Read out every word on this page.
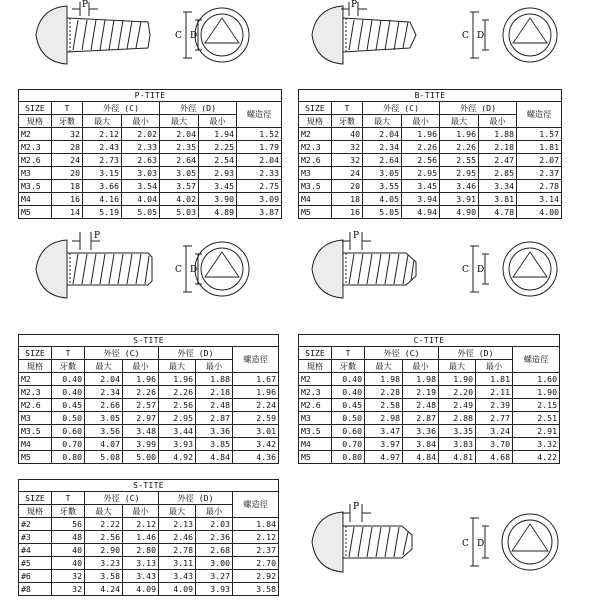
P
C D
P
C D
P-TITE						
SIZE	T	外徑 (C)		外徑 (D)		螺造徑
規格	牙數	最大	最小	最大	最小	
M2	32	2.12	2.02	2.04	1.94	1.52
M2.3	28	2.43	2.33	2.35	2.25	1.79
M2.6	24	2.73	2.63	2.64	2.54	2.04
M3	20	3.15	3.03	3.05	2.93	2.33
M3.5	18	3.66	3.54	3.57	3.45	2.75
M4	16	4.16	4.04	4.02	3.90	3.09
M5	14	5.19	5.05	5.03	4.89	3.87
B-TITE						
SIZE	T	外徑 (C)		外徑 (D)		螺造徑
規格	牙數	最大	最小	最大	最小	
M2	40	2.04	1.96	1.96	1.88	1.57
M2.3	32	2.34	2.26	2.26	2.18	1.81
M2.6	32	2.64	2.56	2.55	2.47	2.07
M3	24	3.05	2.95	2.95	2.85	2.37
M3.5	20	3.55	3.45	3.46	3.34	2.78
M4	18	4.05	3.94	3.91	3.81	3.14
M5	16	5.05	4.94	4.90	4.78	4.00
P
C D
P
C D
S-TITE						
SIZE	T	外徑 (C)		外徑 (D)		螺造徑
規格	牙數	最大	最小	最大	最小	
M2	0.40	2.04	1.96	1.96	1.88	1.67
M2.3	0.40	2.34	2.26	2.26	2.18	1.96
M2.6	0.45	2.66	2.57	2.56	2.48	2.24
M3	0.50	3.05	2.97	2.95	2.87	2.59
M3.5	0.60	3.56	3.48	3.44	3.36	3.01
M4	0.70	4.07	3.99	3.93	3.85	3.42
M5	0.80	5.08	5.00	4.92	4.84	4.36
C-TITE						
SIZE	T	外徑 (C)		外徑 (D)		螺造徑
規格	牙數	最大	最小	最大	最小	
M2	0.40	1.98	1.98	1.90	1.81	1.60
M2.3	0.40	2.28	2.19	2.20	2.11	1.90
M2.6	0.45	2.58	2.48	2.49	2.39	2.15
M3	0.50	2.98	2.87	2.88	2.77	2.51
M3.5	0.60	3.47	3.36	3.35	3.24	2.91
M4	0.70	3.97	3.84	3.83	3.70	3.32
M5	0.80	4.97	4.84	4.81	4.68	4.22
S-TITE						
SIZE	T	外徑 (C)		外徑 (D)		螺造徑
規格	牙數	最大	最小	最大	最小	
#2	56	2.22	2.12	2.13	2.03	1.84
#3	48	2.56	1.46	2.46	2.36	2.12
#4	40	2.90	2.80	2.78	2.68	2.37
#5	40	3.23	3.13	3.11	3.00	2.70
#6	32	3.58	3.43	3.43	3.27	2.92
#8	32	4.24	4.09	4.09	3.93	3.58
P
C D
